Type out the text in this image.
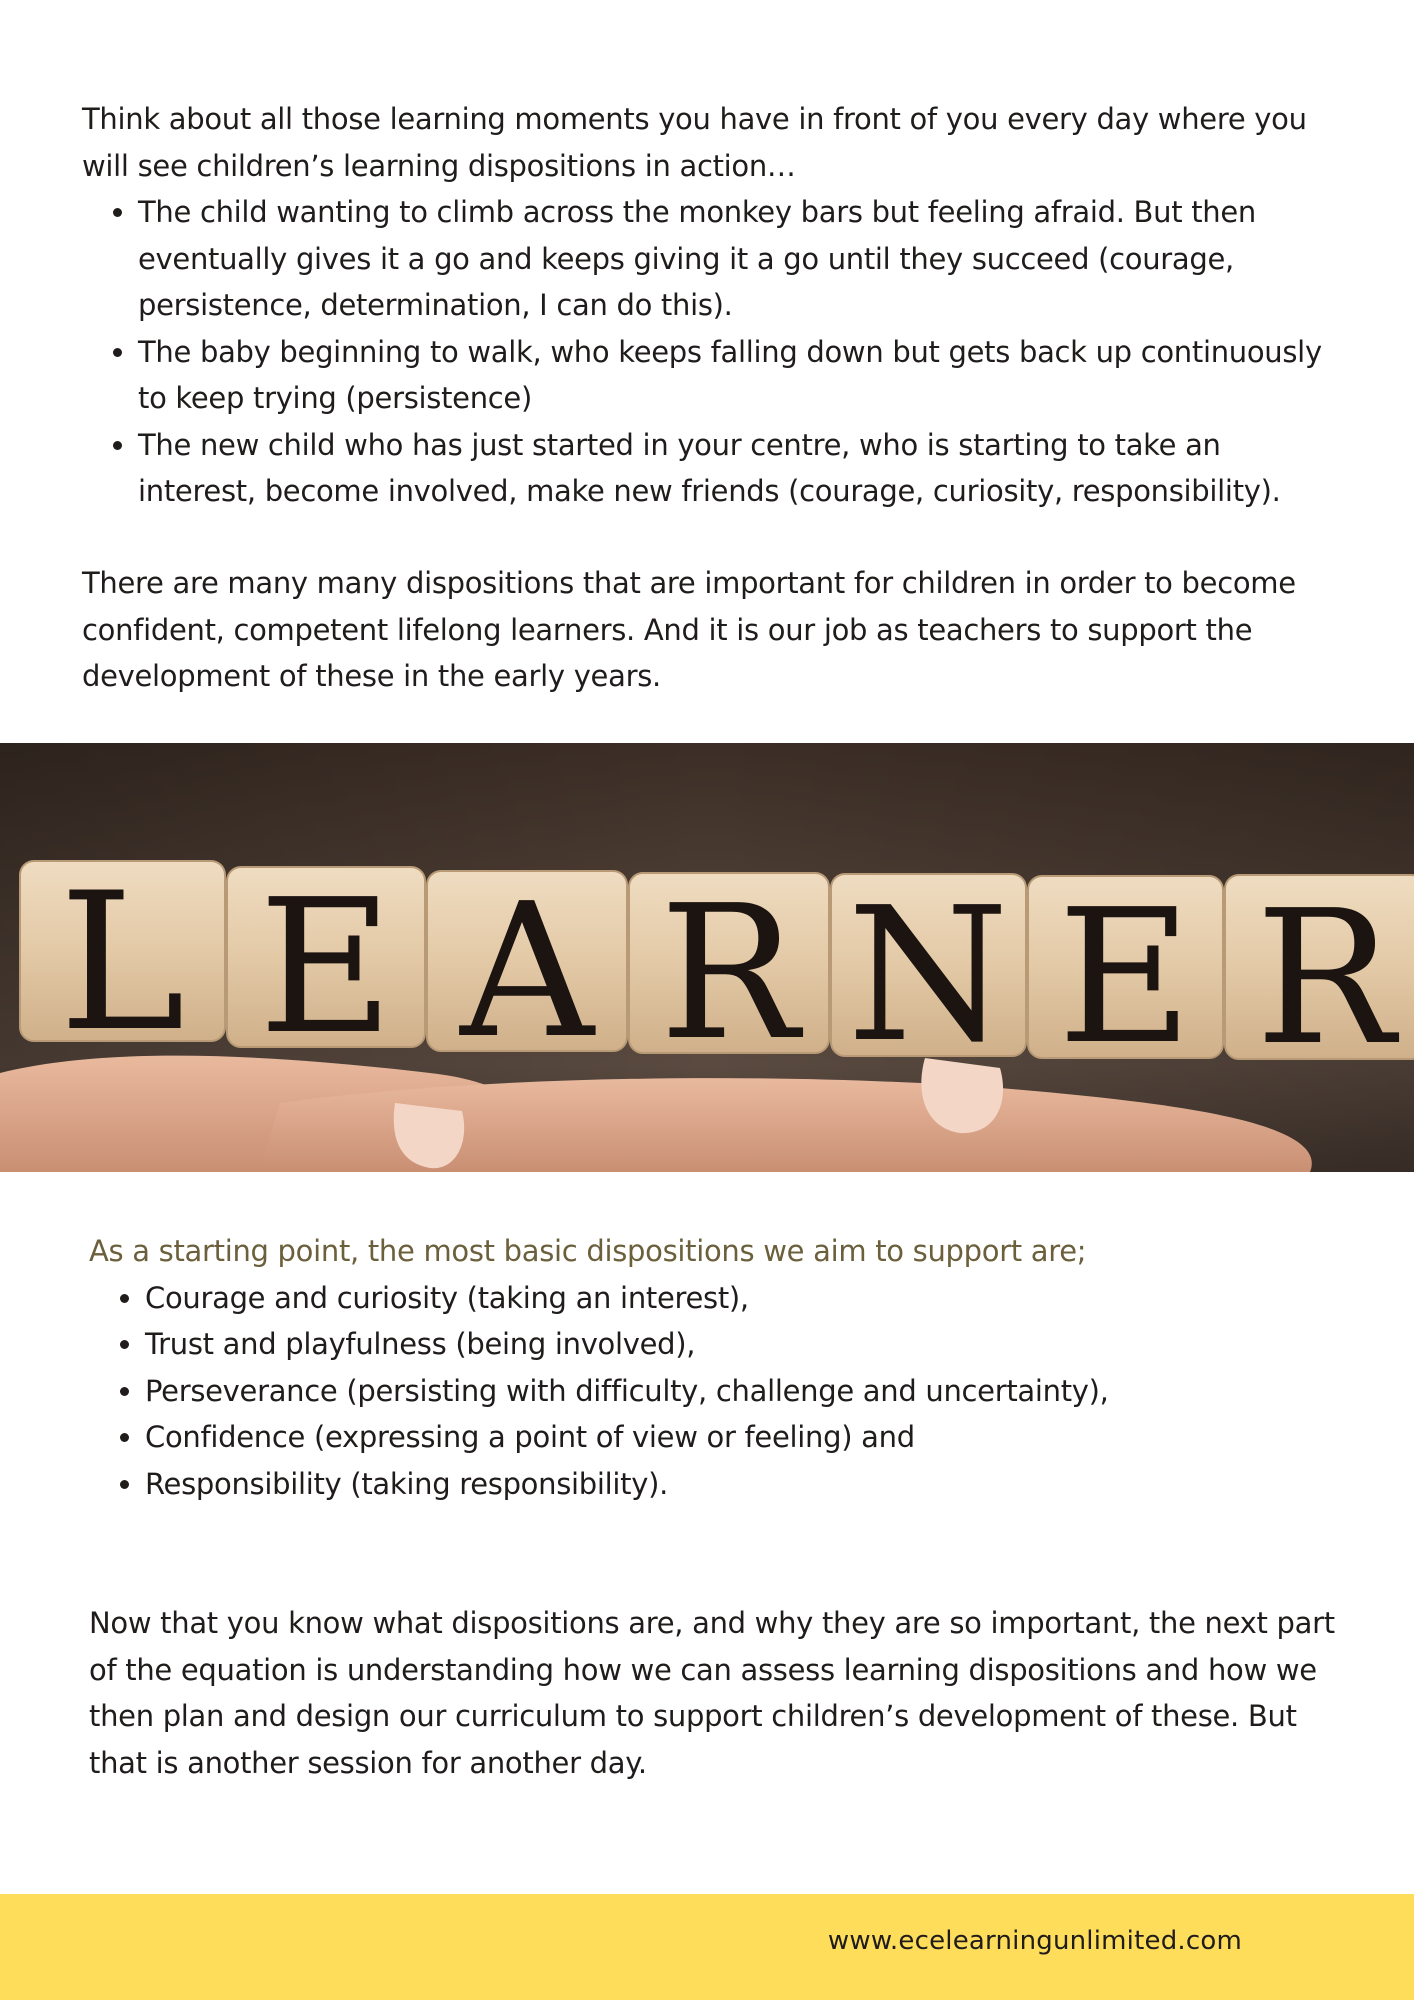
Think about all those learning moments you have in front of you every day where you will see children’s learning dispositions in action…

• The child wanting to climb across the monkey bars but feeling afraid. But then eventually gives it a go and keeps giving it a go until they succeed (courage, persistence, determination, I can do this).
• The baby beginning to walk, who keeps falling down but gets back up continuously to keep trying (persistence)
• The new child who has just started in your centre, who is starting to take an interest, become involved, make new friends (courage, curiosity, responsibility).

There are many many dispositions that are important for children in order to become confident, competent lifelong learners. And it is our job as teachers to support the development of these in the early years.

L E A R N E R

As a starting point, the most basic dispositions we aim to support are;

• Courage and curiosity (taking an interest),
• Trust and playfulness (being involved),
• Perseverance (persisting with difficulty, challenge and uncertainty),
• Confidence (expressing a point of view or feeling) and
• Responsibility (taking responsibility).

Now that you know what dispositions are, and why they are so important, the next part of the equation is understanding how we can assess learning dispositions and how we then plan and design our curriculum to support children’s development of these. But that is another session for another day.

www.ecelearningunlimited.com
